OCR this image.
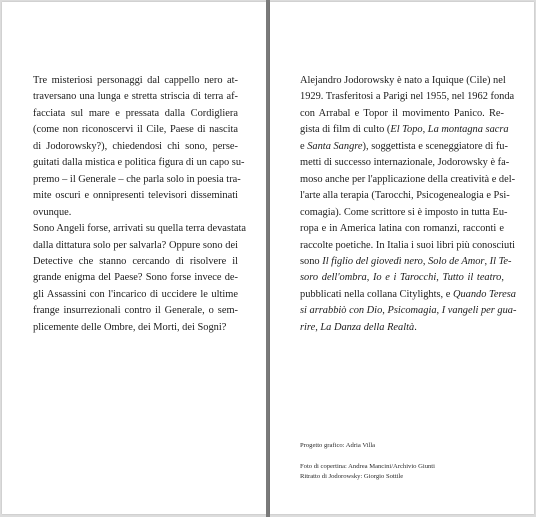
Tre misteriosi personaggi dal cappello nero at-
traversano una lunga e stretta striscia di terra af-
facciata sul mare e pressata dalla Cordigliera
(come non riconoscervi il Cile, Paese di nascita
di Jodorowsky?), chiedendosi chi sono, perse-
guitati dalla mistica e politica figura di un capo su-
premo – il Generale – che parla solo in poesia tra-
mite oscuri e onnipresenti televisori disseminati
ovunque.
Sono Angeli forse, arrivati su quella terra devastata
dalla dittatura solo per salvarla? Oppure sono dei
Detective che stanno cercando di risolvere il
grande enigma del Paese? Sono forse invece de-
gli Assassini con l'incarico di uccidere le ultime
frange insurrezionali contro il Generale, o sem-
plicemente delle Ombre, dei Morti, dei Sogni?
Alejandro Jodorowsky è nato a Iquique (Cile) nel
1929. Trasferitosi a Parigi nel 1955, nel 1962 fonda
con Arrabal e Topor il movimento Panico. Re-
gista di film di culto (El Topo, La montagna sacra
e Santa Sangre), soggettista e sceneggiatore di fu-
metti di successo internazionale, Jodorowsky è fa-
moso anche per l'applicazione della creatività e del-
l'arte alla terapia (Tarocchi, Psicogenealogia e Psi-
comagia). Come scrittore si è imposto in tutta Eu-
ropa e in America latina con romanzi, racconti e
raccolte poetiche. In Italia i suoi libri più conosciuti
sono Il figlio del giovedì nero, Solo de Amor, Il Te-
soro dell'ombra, Io e i Tarocchi, Tutto il teatro,
pubblicati nella collana Citylights, e Quando Teresa
si arrabbiò con Dio, Psicomagia, I vangeli per gua-
rire, La Danza della Realtà.
Progetto grafico: Adria Villa
Foto di copertina: Andrea Mancini/Archivio Giunti
Ritratto di Jodorowsky: Giorgio Sottile
